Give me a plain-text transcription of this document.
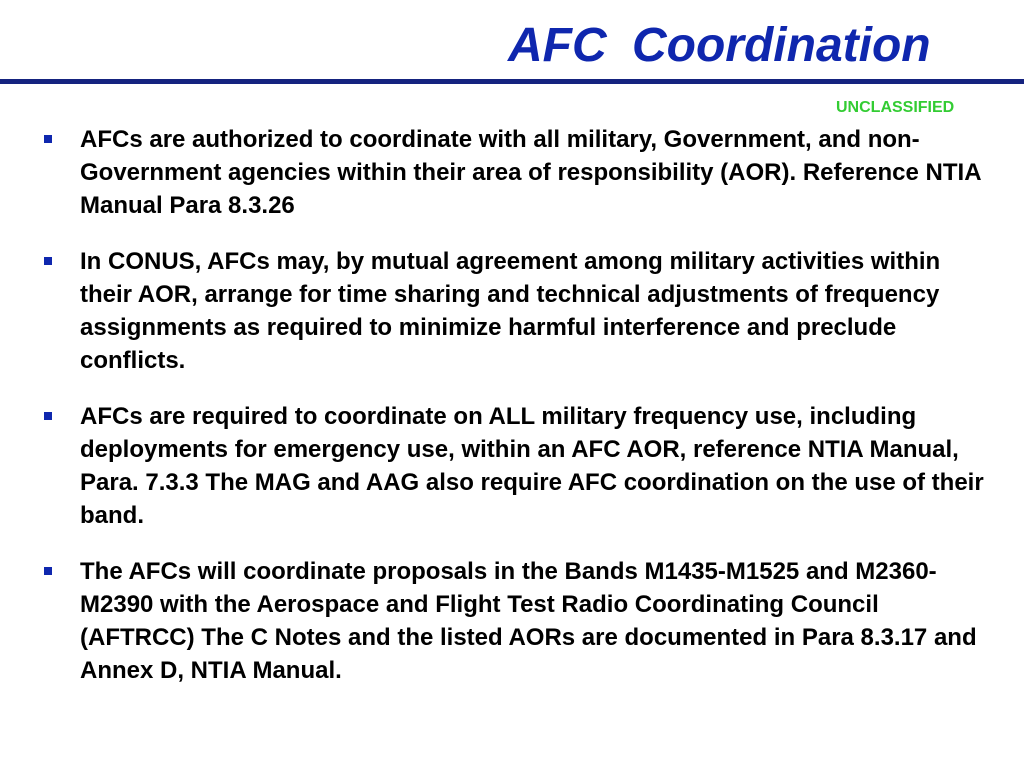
AFC Coordination
UNCLASSIFIED
AFCs are authorized to coordinate with all military, Government, and non-Government agencies within their area of responsibility (AOR). Reference NTIA Manual Para 8.3.26
In CONUS, AFCs may, by mutual agreement among military activities within their AOR, arrange for time sharing and technical adjustments of frequency assignments as required to minimize harmful interference and preclude conflicts.
AFCs are required to coordinate on ALL military frequency use, including deployments for emergency use, within an AFC AOR, reference NTIA Manual, Para. 7.3.3 The MAG and AAG also require AFC coordination on the use of their band.
The AFCs will coordinate proposals in the Bands M1435-M1525 and M2360-M2390 with the Aerospace and Flight Test Radio Coordinating Council (AFTRCC) The C Notes and the listed AORs are documented in Para 8.3.17 and Annex D, NTIA Manual.
